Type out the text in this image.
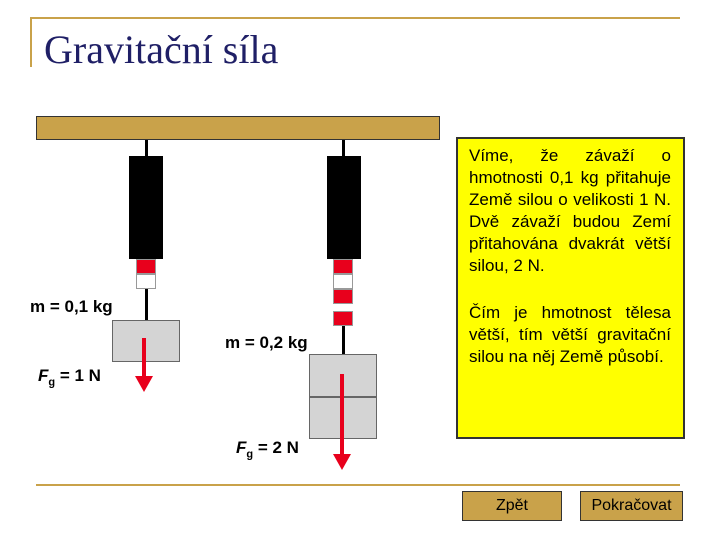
Gravitační síla
m = 0,1 kg
$F_g = 1$ N
m = 0,2 kg
$F_g = 2$ N

Víme, že závaží o hmotnosti 0,1 kg přitahuje Země silou o velikosti 1 N. Dvě závaží budou Zemí přitahována dvakrát větší silou, 2 N.

Čím je hmotnost tělesa větší, tím větší gravitační silou na něj Země působí.

Zpět	Pokračovat
